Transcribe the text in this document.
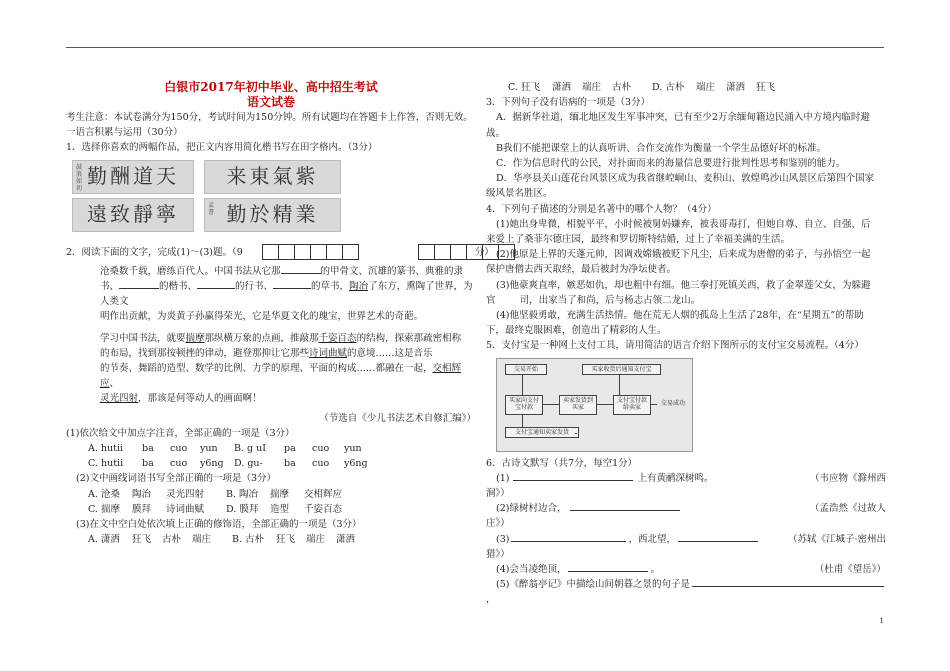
白银市2017年初中毕业、高中招生考试
语文试卷

考生注意：本试卷满分为150分，考试时间为150分钟。所有试题均在答题卡上作答，否则无效。

一语言积累与运用（30分）

1．选择你喜欢的两幅作品，把正文内容用简化楷书写在田字格内。（3分）

鼓浪如 初
勤酬道天 来東氣紫
遠致靜寧	孟 書 勤於精業
2．阅读下面的文字，完成(1)～(3)题。（9	分）

沧桑数千载，磨练百代人。中国书法从它那	的甲骨文、沉雄的篆书、典雅的隶
书、	的楷书、	的行书、	的草书，陶冶了东方，熏陶了世界，为人类文
明作出贡献，为炎黄子孙赢得荣光，它是华夏文化的瑰宝，世界艺术的奇葩。

学习中国书法，就要揣摩那纵横万象的点画，推敲那千姿百态的结构，探索那疏密相称
的布局，找到那按顿挫的律动，避登那抑让它那些诗词曲赋的意境……这是音乐
的节奏、舞蹈的造型、数学的比例、力学的原理、平面的构成……都融在一起，交相辉应、
灵光四射，那该是何等动人的画面啊！

（节选自《少儿书法艺术自修汇编》）

(1)依次给文中加点字注音，全部正确的一项是（3分）

A. hutii ba cuo yun B. g uI pa cuo yun
C. hutii ba cuo y6ng D. gu- ba cuo y6ng

(2)文中画线词语书写全部正确的一项是（3分）

A. 沧桑 陶治 灵光四射 B. 陶冶 揣摩 交相辉应
C. 揣摩 膜拜 诗词曲赋 D. 膜拜 造型 千姿百态

(3)在文中空白处依次填上正确的修饰语，全部正确的一项是（3分）

A. 潇洒 狂飞 古朴 端庄 B. 古朴 狂飞 端庄 潇洒
C. 狂飞 潇洒 端庄 古朴 D. 古朴 端庄 潇洒 狂飞

3．下列句子没有语病的一项是（3分）

A．据新华社道，缅北地区发生军事冲突，已有至少2万余缅甸籍边民涌入中方境内临时避

战。

B我们不能把课堂上的认真听讲、合作交流作为衡量一个学生品德好坏的标准。

C．作为信息时代的公民，对扑面而来的海量信息要进行批判性思考和鉴别的能力。

D．华亭县关山莲花台风景区成为我省继崆峒山、麦积山、敦煌鸣沙山风景区后第四个国家

级风景名胜区。

4．下列句子描述的分别是名著中的哪个人物？（4分）

(1)她出身卑微，相貌平平，小时候被舅妈嫌弃，被表哥毒打，但她自尊、自立、自强，后

来爱上了桑菲尔德庄园，最终和罗切斯特结婚，过上了幸福美满的生活。

(2)他原是上界的天蓬元帅，因调戏嫦娥被贬下凡尘，后来成为唐僧的弟子，与孙悟空一起

保护唐僧去西天取经，最后被封为净坛使者。

(3)他豪爽直率，嫉恶如仇，却也粗中有细。他三拳打死镇关西，救了金翠莲父女，为躲避

官        司，出家当了和尚，后与杨志占领二龙山。

(4)他坚毅勇敢，充满生活热情。他在荒无人烟的孤岛上生活了28年，在“星期五”的帮助

下，最终克服困难，创造出了精彩的人生。

5．支付宝是一种网上支付工具，请用简洁的语言介绍下图所示的支付宝交易流程。（4分）

交易开始	买家收货后通知支付宝
买家向支付宝付款
卖家发货到买家
支付宝付款给卖家
交易成功
支付宝通知卖家发货

6．古诗文默写（共7分，每空1分）

(1)	上有黄鹂深树鸣。	（韦应物《滁州西

涧》）

(2)绿树村边合，	（孟浩然《过故人

庄》）

(3)	，西北望，	（苏轼《江城子·密州出

猎》）

(4)会当凌绝顶，	。	（杜甫《望岳》）
(5)《醉翁亭记》中描绘山间朝暮之景的句子是

，

1
